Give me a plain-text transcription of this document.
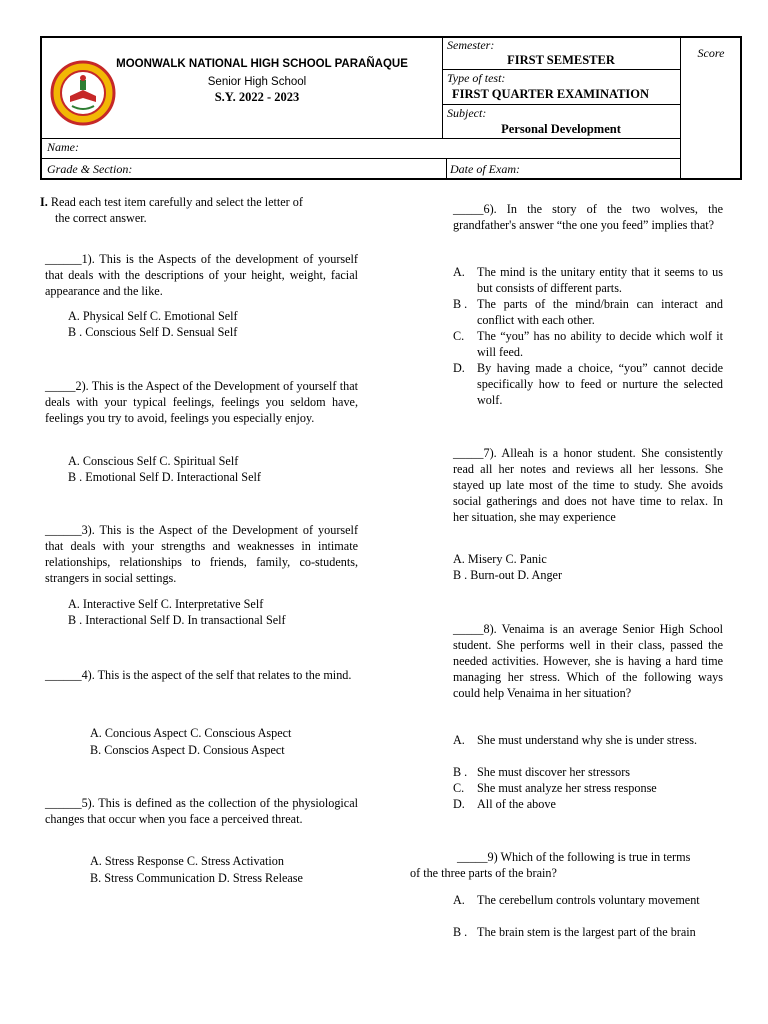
MOONWALK NATIONAL HIGH SCHOOL PARAÑAQUE
Senior High School
S.Y. 2022 - 2023
Semester:
FIRST SEMESTER
Type of test:
FIRST QUARTER EXAMINATION
Subject:
Personal Development
Score
Name:
Grade & Section:	Date of Exam:
I. Read each test item carefully and select the letter of
the correct answer.
______1). This is the Aspects of the development of yourself that deals with the descriptions of your height, weight, facial appearance and the like.
A. Physical Self C. Emotional Self
B . Conscious Self D. Sensual Self
_____2). This is the Aspect of the Development of yourself that deals with your typical feelings, feelings you seldom have, feelings you try to avoid, feelings you especially enjoy.
A. Conscious Self C. Spiritual Self
B . Emotional Self D. Interactional Self
______3). This is the Aspect of the Development of yourself that deals with your strengths and weaknesses in intimate relationships, relationships to friends, family, co-students, strangers in social settings.
A. Interactive Self C. Interpretative Self
B . Interactional Self D. In transactional Self
______4). This is the aspect of the self that relates to the mind.
A. Concious Aspect C. Conscious Aspect
B. Conscios Aspect D. Consious Aspect
______5). This is defined as the collection of the physiological changes that occur when you face a perceived threat.
A. Stress Response C. Stress Activation
B. Stress Communication D. Stress Release
_____6). In the story of the two wolves, the grandfather's answer “the one you feed” implies that?
A. The mind is the unitary entity that it seems to us but consists of different parts.
B . The parts of the mind/brain can interact and conflict with each other.
C.	The “you” has no ability to decide which wolf it will feed.
D. By having made a choice, “you” cannot decide specifically how to feed or nurture the selected wolf.
_____7). Alleah is a honor student. She consistently read all her notes and reviews all her lessons. She stayed up late most of the time to study. She avoids social gatherings and does not have time to relax. In her situation, she may experience
A. Misery C. Panic
B . Burn-out D. Anger
_____8). Venaima is an average Senior High School student. She performs well in their class, passed the needed activities. However, she is having a hard time managing her stress. Which of the following ways could help Venaima in her situation?
A. She must understand why she is under stress.
B . She must discover her stressors
C.	She must analyze her stress response
D. All of the above
_____9) Which of the following is true in terms
of the three parts of the brain?
A. The cerebellum controls voluntary movement
B . The brain stem is the largest part of the brain
